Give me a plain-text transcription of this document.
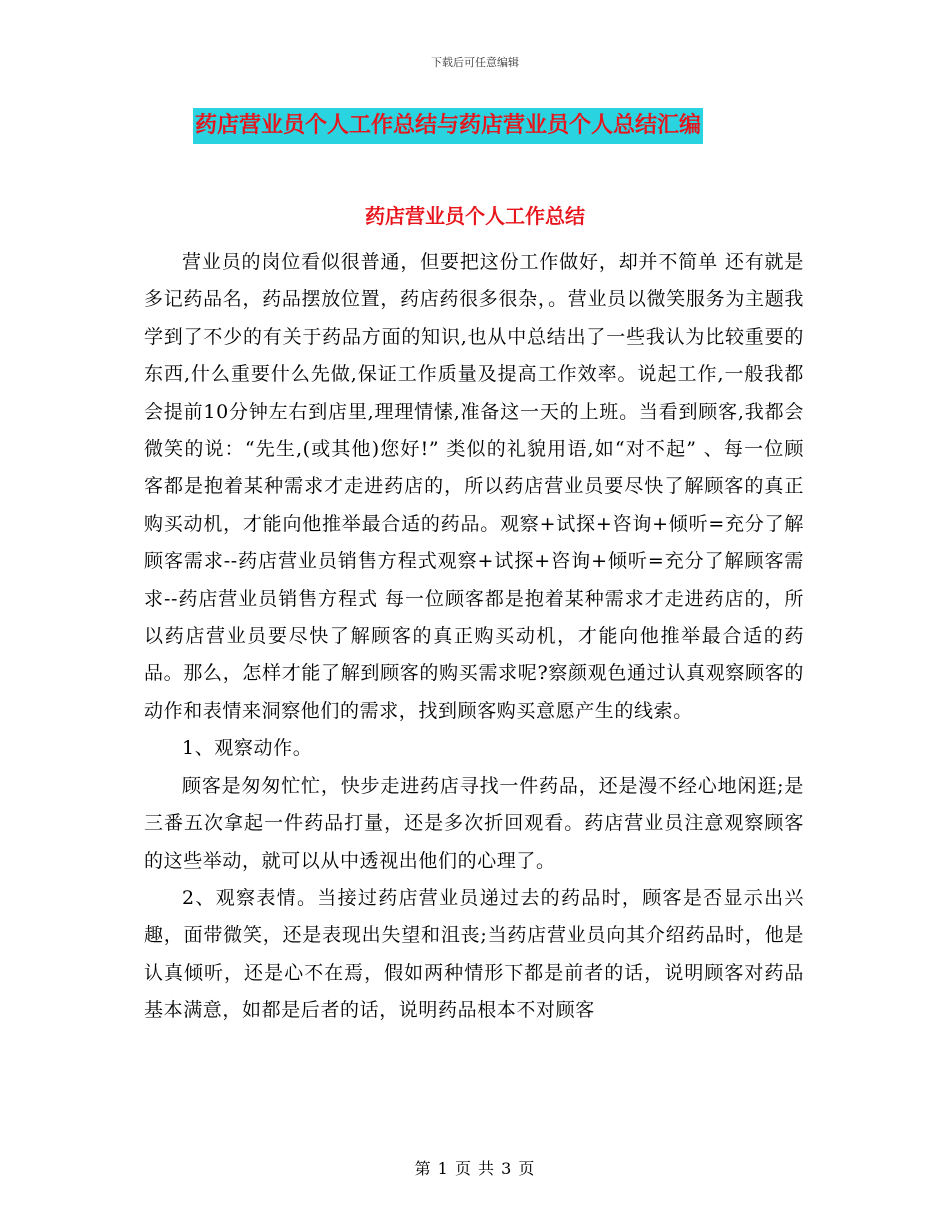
下载后可任意编辑
药店营业员个人工作总结与药店营业员个人总结汇编
药店营业员个人工作总结

营业员的岗位看似很普通，但要把这份工作做好，却并不简单 还有就是多记药品名，药品摆放位置，药店药很多很杂，。营业员以微笑服务为主题我学到了不少的有关于药品方面的知识,也从中总结出了一些我认为比较重要的东西,什么重要什么先做,保证工作质量及提高工作效率。说起工作,一般我都会提前10分钟左右到店里,理理情愫,准备这一天的上班。当看到顾客,我都会微笑的说：“先生,(或其他)您好!” 类似的礼貌用语,如“对不起” 、每一位顾客都是抱着某种需求才走进药店的，所以药店营业员要尽快了解顾客的真正购买动机，才能向他推举最合适的药品。观察+试探+咨询+倾听=充分了解顾客需求--药店营业员销售方程式观察+试探+咨询+倾听=充分了解顾客需求--药店营业员销售方程式 每一位顾客都是抱着某种需求才走进药店的，所以药店营业员要尽快了解顾客的真正购买动机，才能向他推举最合适的药品。那么，怎样才能了解到顾客的购买需求呢?察颜观色通过认真观察顾客的动作和表情来洞察他们的需求，找到顾客购买意愿产生的线索。

1、观察动作。

顾客是匆匆忙忙，快步走进药店寻找一件药品，还是漫不经心地闲逛;是三番五次拿起一件药品打量，还是多次折回观看。药店营业员注意观察顾客的这些举动，就可以从中透视出他们的心理了。

2、观察表情。当接过药店营业员递过去的药品时，顾客是否显示出兴趣，面带微笑，还是表现出失望和沮丧;当药店营业员向其介绍药品时，他是认真倾听，还是心不在焉，假如两种情形下都是前者的话，说明顾客对药品基本满意，如都是后者的话，说明药品根本不对顾客

第 1 页 共 3 页
